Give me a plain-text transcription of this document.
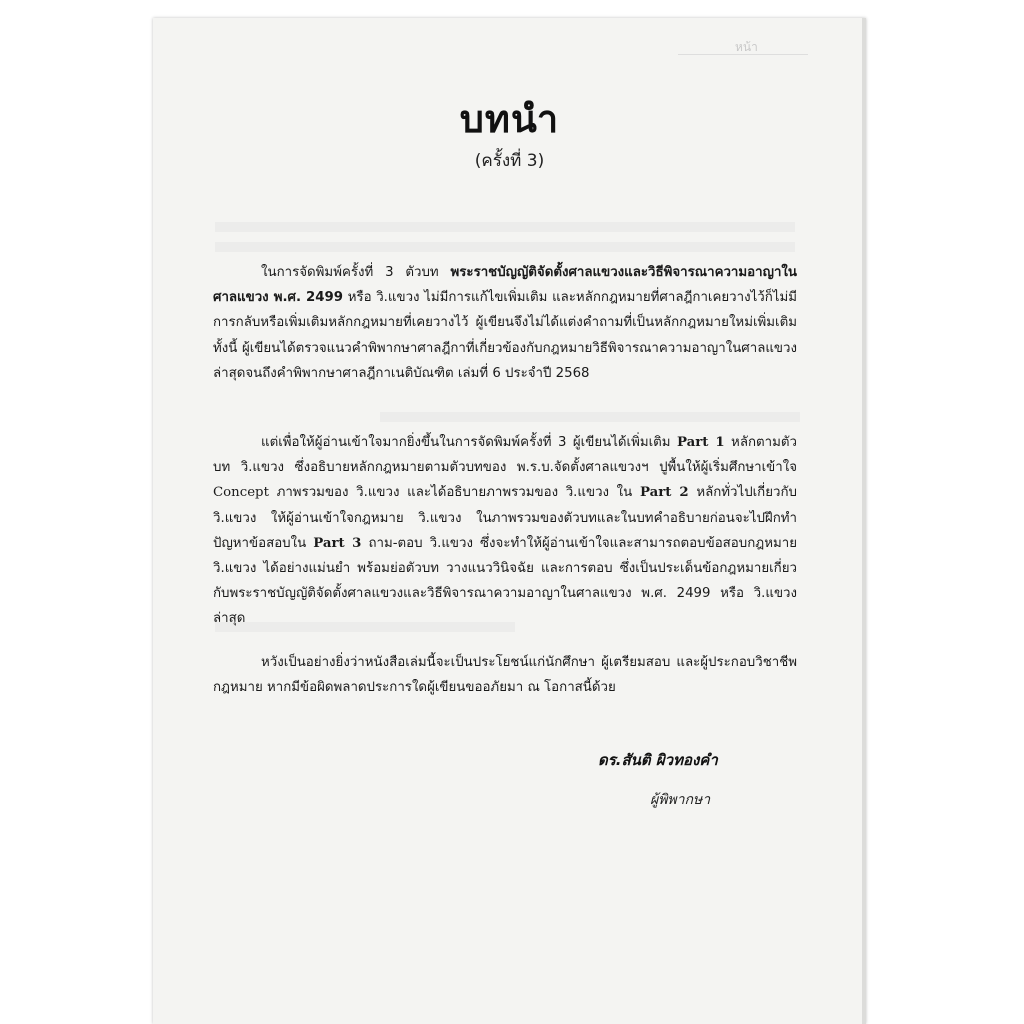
หน้า
บทนำ
(ครั้งที่ 3)

ในการจัดพิมพ์ครั้งที่ 3 ตัวบท พระราชบัญญัติจัดตั้งศาลแขวงและวิธีพิจารณาความอาญาในศาลแขวง พ.ศ. 2499 หรือ วิ.แขวง ไม่มีการแก้ไขเพิ่มเติม และหลักกฎหมายที่ศาลฎีกาเคยวางไว้ก็ไม่มีการกลับหรือเพิ่มเติมหลักกฎหมายที่เคยวางไว้ ผู้เขียนจึงไม่ได้แต่งคำถามที่เป็นหลักกฎหมายใหม่เพิ่มเติม ทั้งนี้ ผู้เขียนได้ตรวจแนวคำพิพากษาศาลฎีกาที่เกี่ยวข้องกับกฎหมายวิธีพิจารณาความอาญาในศาลแขวงล่าสุดจนถึงคำพิพากษาศาลฎีกาเนติบัณฑิต เล่มที่ 6 ประจำปี 2568

แต่เพื่อให้ผู้อ่านเข้าใจมากยิ่งขึ้นในการจัดพิมพ์ครั้งที่ 3 ผู้เขียนได้เพิ่มเติม Part 1 หลักตามตัวบท วิ.แขวง ซึ่งอธิบายหลักกฎหมายตามตัวบทของ พ.ร.บ.จัดตั้งศาลแขวงฯ ปูพื้นให้ผู้เริ่มศึกษาเข้าใจ Concept ภาพรวมของ วิ.แขวง และได้อธิบายภาพรวมของ วิ.แขวง ใน Part 2 หลักทั่วไปเกี่ยวกับ วิ.แขวง ให้ผู้อ่านเข้าใจกฎหมาย วิ.แขวง ในภาพรวมของตัวบทและในบทคำอธิบายก่อนจะไปฝึกทำปัญหาข้อสอบใน Part 3 ถาม-ตอบ วิ.แขวง ซึ่งจะทำให้ผู้อ่านเข้าใจและสามารถตอบข้อสอบกฎหมาย วิ.แขวง ได้อย่างแม่นยำ พร้อมย่อตัวบท วางแนววินิจฉัย และการตอบ ซึ่งเป็นประเด็นข้อกฎหมายเกี่ยวกับพระราชบัญญัติจัดตั้งศาลแขวงและวิธีพิจารณาความอาญาในศาลแขวง พ.ศ. 2499 หรือ วิ.แขวง ล่าสุด

หวังเป็นอย่างยิ่งว่าหนังสือเล่มนี้จะเป็นประโยชน์แก่นักศึกษา ผู้เตรียมสอบ และผู้ประกอบวิชาชีพกฎหมาย หากมีข้อผิดพลาดประการใดผู้เขียนขออภัยมา ณ โอกาสนี้ด้วย

ดร.สันติ ผิวทองคำ
ผู้พิพากษา
